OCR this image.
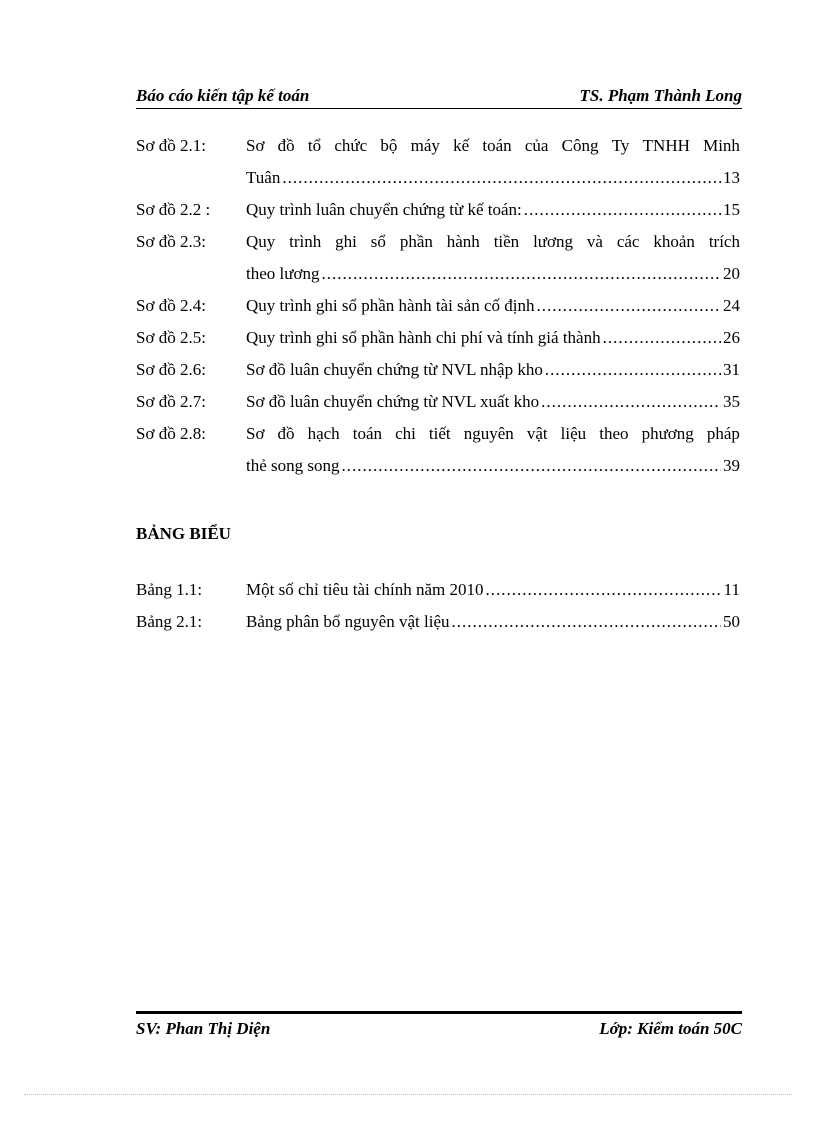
Báo cáo kiến tập kế toán	TS. Phạm Thành Long
Sơ đồ 2.1: Sơ đồ tổ chức bộ máy kế toán của Công Ty TNHH Minh
Tuân .....	13
Sơ đồ 2.2 : Quy trình luân chuyển chứng từ kế toán: .....	15
Sơ đồ 2.3: Quy trình ghi sổ phần hành tiền lương và các khoản trích
theo lương .....	20
Sơ đồ 2.4: Quy trình ghi sổ phần hành tài sản cố định .....	24
Sơ đồ 2.5: Quy trình ghi sổ phần hành chi phí và tính giá thành .....	26
Sơ đồ 2.6: Sơ đồ luân chuyển chứng từ NVL nhập kho .....	31
Sơ đồ 2.7: Sơ đồ luân chuyển chứng từ NVL xuất kho .....	35
Sơ đồ 2.8: Sơ đồ hạch toán chi tiết nguyên vật liệu theo phương pháp
thẻ song song .....	39
BẢNG BIỂU
Bảng 1.1:	Một số chỉ tiêu tài chính năm 2010 .....	11
Bảng 2.1:	Bảng phân bổ nguyên vật liệu .....	50
SV: Phan Thị Diện	Lớp: Kiểm toán 50C
